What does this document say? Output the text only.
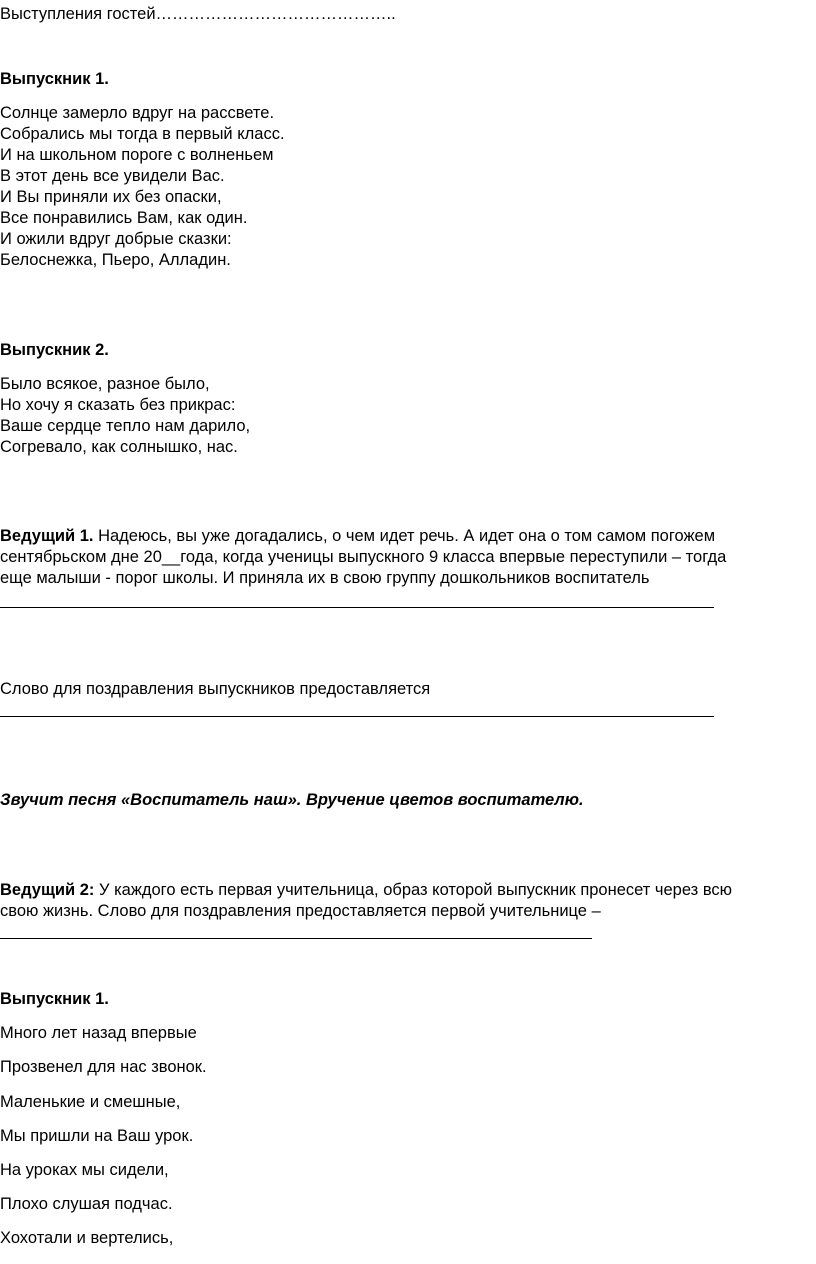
Выступления гостей……………………………………..
Выпускник 1.
Солнце замерло вдруг на рассвете.
Собрались мы тогда в первый класс.
И на школьном пороге с волненьем
В этот день все увидели Вас.
И Вы приняли их без опаски,
Все понравились Вам, как один.
И ожили вдруг добрые сказки:
Белоснежка, Пьеро, Алладин.
Выпускник 2.
Было всякое, разное было,
Но хочу я сказать без прикрас:
Ваше сердце тепло нам дарило,
Согревало, как солнышко, нас.
Ведущий 1. Надеюсь, вы уже догадались, о чем идет речь. А идет она о том самом погожем
сентябрьском дне 20__года, когда ученицы выпускного 9 класса впервые переступили – тогда
еще малыши - порог школы. И приняла их в свою группу дошкольников воспитатель
Слово для поздравления выпускников предоставляется
Звучит песня «Воспитатель наш». Вручение цветов воспитателю.
Ведущий 2: У каждого есть первая учительница, образ которой выпускник пронесет через всю
свою жизнь. Слово для поздравления предоставляется первой учительнице –
Выпускник 1.
Много лет назад впервые
Прозвенел для нас звонок.
Маленькие и смешные,
Мы пришли на Ваш урок.
На уроках мы сидели,
Плохо слушая подчас.
Хохотали и вертелись,
